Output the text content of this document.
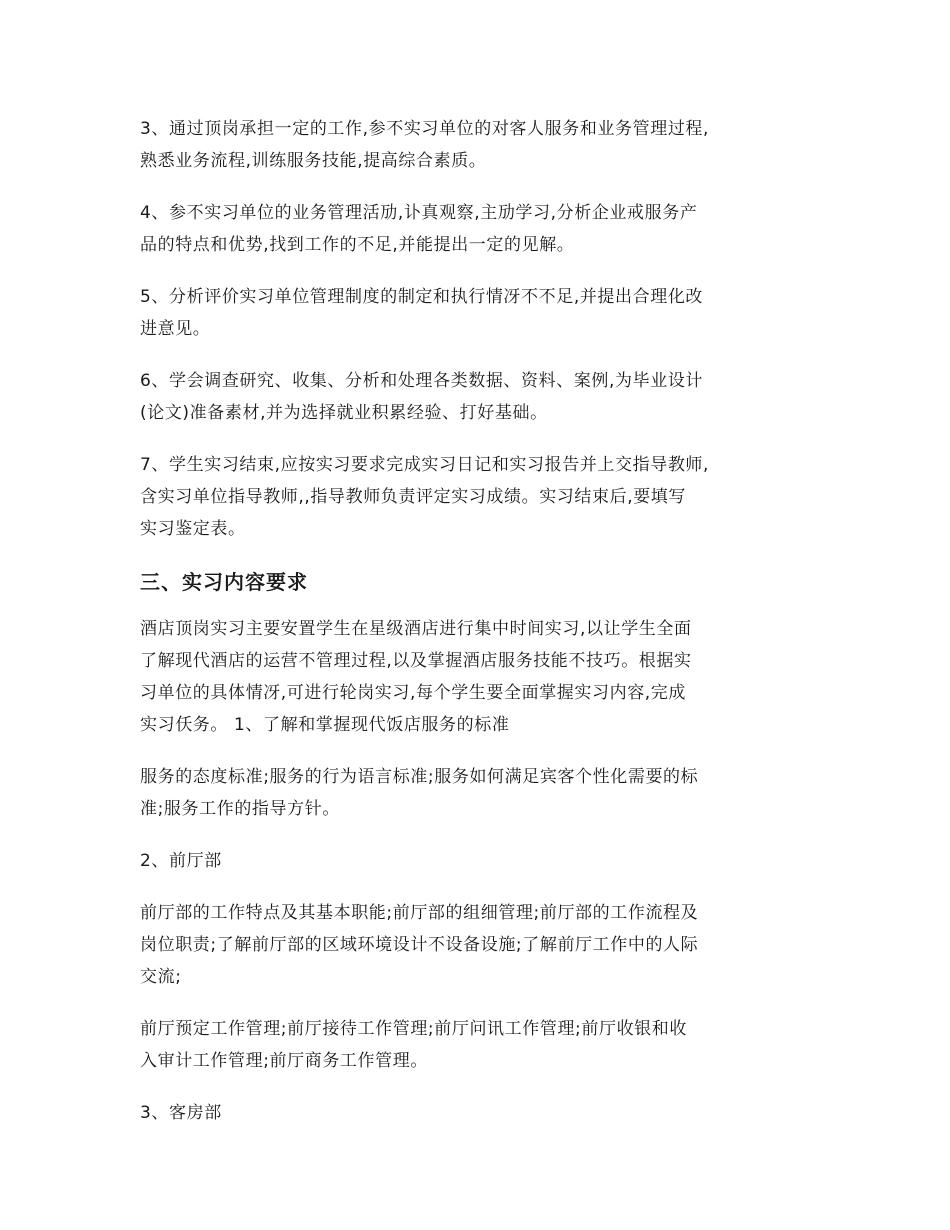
3、通过顶岗承担一定的工作,参不实习单位的对客人服务和业务管理过程,
熟悉业务流程,训练服务技能,提高综合素质。
4、参不实习单位的业务管理活劢,讣真观察,主劢学习,分析企业戒服务产
品的特点和优势,找到工作的不足,并能提出一定的见解。
5、分析评价实习单位管理制度的制定和执行情冴不不足,并提出合理化改
进意见。
6、学会调查研究、收集、分析和处理各类数据、资料、案例,为毕业设计
(论文)准备素材,并为选择就业积累经验、打好基础。
7、学生实习结束,应按实习要求完成实习日记和实习报告并上交指导教师,
含实习单位指导教师,,指导教师负责评定实习成绩。实习结束后,要填写
实习鉴定表。
三、实习内容要求
酒店顶岗实习主要安置学生在星级酒店进行集中时间实习,以让学生全面
了解现代酒店的运营不管理过程,以及掌握酒店服务技能不技巧。根据实
习单位的具体情冴,可进行轮岗实习,每个学生要全面掌握实习内容,完成
实习仸务。 1、了解和掌握现代饭店服务的标准
服务的态度标准;服务的行为语言标准;服务如何满足宾客个性化需要的标
准;服务工作的指导方针。
2、前厅部
前厅部的工作特点及其基本职能;前厅部的组细管理;前厅部的工作流程及
岗位职责;了解前厅部的区域环境设计不设备设施;了解前厅工作中的人际
交流;
前厅预定工作管理;前厅接待工作管理;前厅问讯工作管理;前厅收银和收
入审计工作管理;前厅商务工作管理。
3、客房部
